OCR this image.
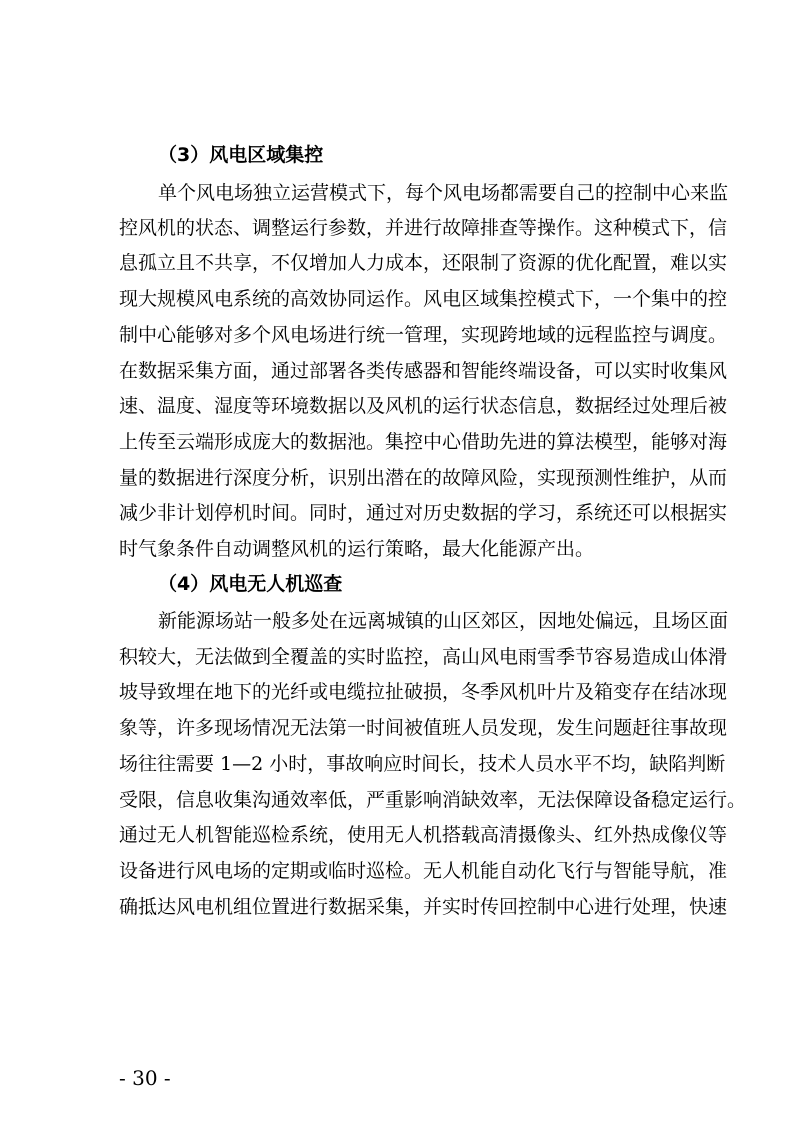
（3）风电区域集控
单个风电场独立运营模式下，每个风电场都需要自己的控制中心来监
控风机的状态、调整运行参数，并进行故障排查等操作。这种模式下，信
息孤立且不共享，不仅增加人力成本，还限制了资源的优化配置，难以实
现大规模风电系统的高效协同运作。风电区域集控模式下，一个集中的控
制中心能够对多个风电场进行统一管理，实现跨地域的远程监控与调度。
在数据采集方面，通过部署各类传感器和智能终端设备，可以实时收集风
速、温度、湿度等环境数据以及风机的运行状态信息，数据经过处理后被
上传至云端形成庞大的数据池。集控中心借助先进的算法模型，能够对海
量的数据进行深度分析，识别出潜在的故障风险，实现预测性维护，从而
减少非计划停机时间。同时，通过对历史数据的学习，系统还可以根据实
时气象条件自动调整风机的运行策略，最大化能源产出。
（4）风电无人机巡查
新能源场站一般多处在远离城镇的山区郊区，因地处偏远，且场区面
积较大，无法做到全覆盖的实时监控，高山风电雨雪季节容易造成山体滑
坡导致埋在地下的光纤或电缆拉扯破损，冬季风机叶片及箱变存在结冰现
象等，许多现场情况无法第一时间被值班人员发现，发生问题赶往事故现
场往往需要 1—2 小时，事故响应时间长，技术人员水平不均，缺陷判断
受限，信息收集沟通效率低，严重影响消缺效率，无法保障设备稳定运行。
通过无人机智能巡检系统，使用无人机搭载高清摄像头、红外热成像仪等
设备进行风电场的定期或临时巡检。无人机能自动化飞行与智能导航，准
确抵达风电机组位置进行数据采集，并实时传回控制中心进行处理，快速
- 30 -
